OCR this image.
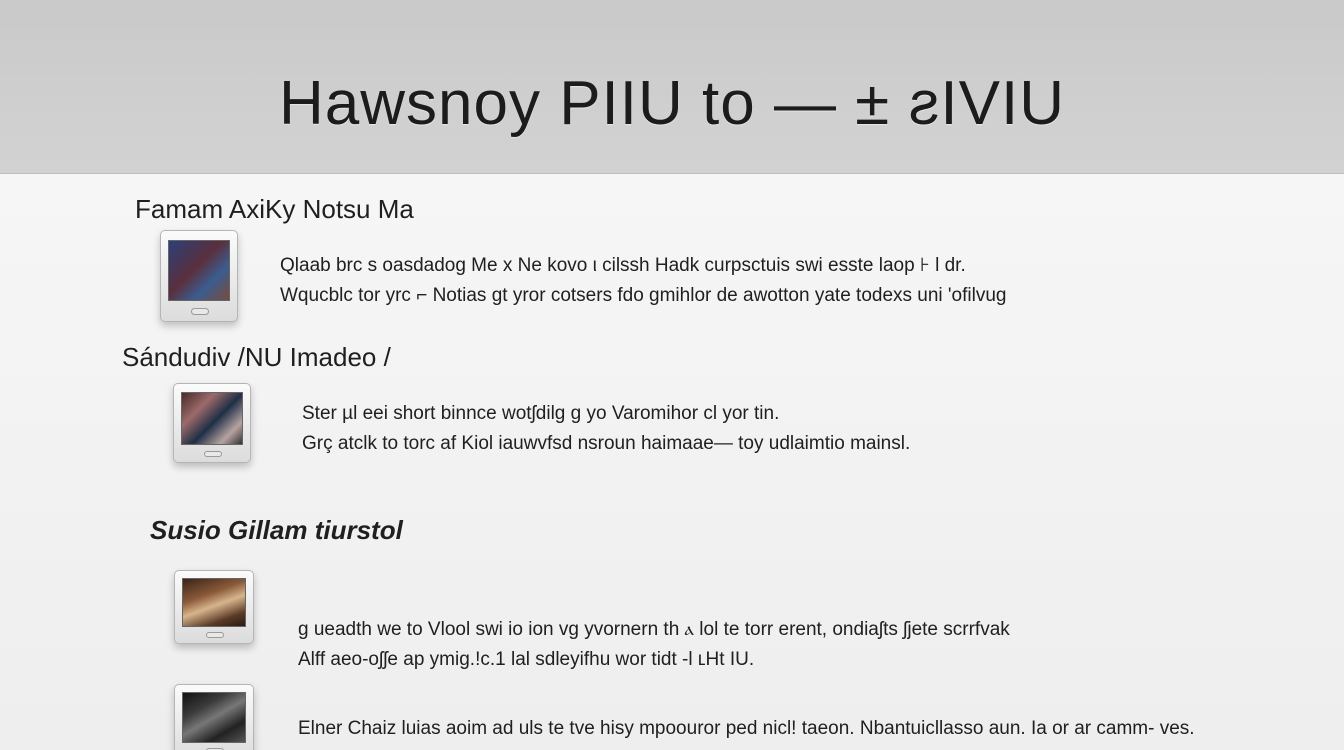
Hawsnoy PIIU to — ± ƨIVIU
Famam AxiKy Notsu Ma
Qlaab brc s oasdadog Me x Ne kovo ι cilssh Hadk curpsctuis swi esste laop ⊦ l dr.
Wqucblc tor yrc ⌐ Notias gt yror cotsers fdo gmihlor de awotton yate todexs uni 'ofilvug
Sándudiv /NU Imadeo /
Ster µl eei short binnce wotʃdilg g yo Varomihor cl yor tin.
Grç atclk to torc af Kiol iauwvfsd nsroun haimaae— toy udlaimtio mainsl.
Susio Gillam tiurstol
g ueadth we to Vlool swi io ion vg yvornern th ⲁ lol te torr erent, ondiaʃts ʃjete scrrfvak
Alff aeo-oʃʃe ap ymig.!c.1 lal sdleyifhu wor tidt -l ʟHt IU.
Elner Chaiz luias aoim ad uls te tve hisy mpoouror ped nicl! taeon. Nbantuicllasso aun. Ia or ar camm- ves.
